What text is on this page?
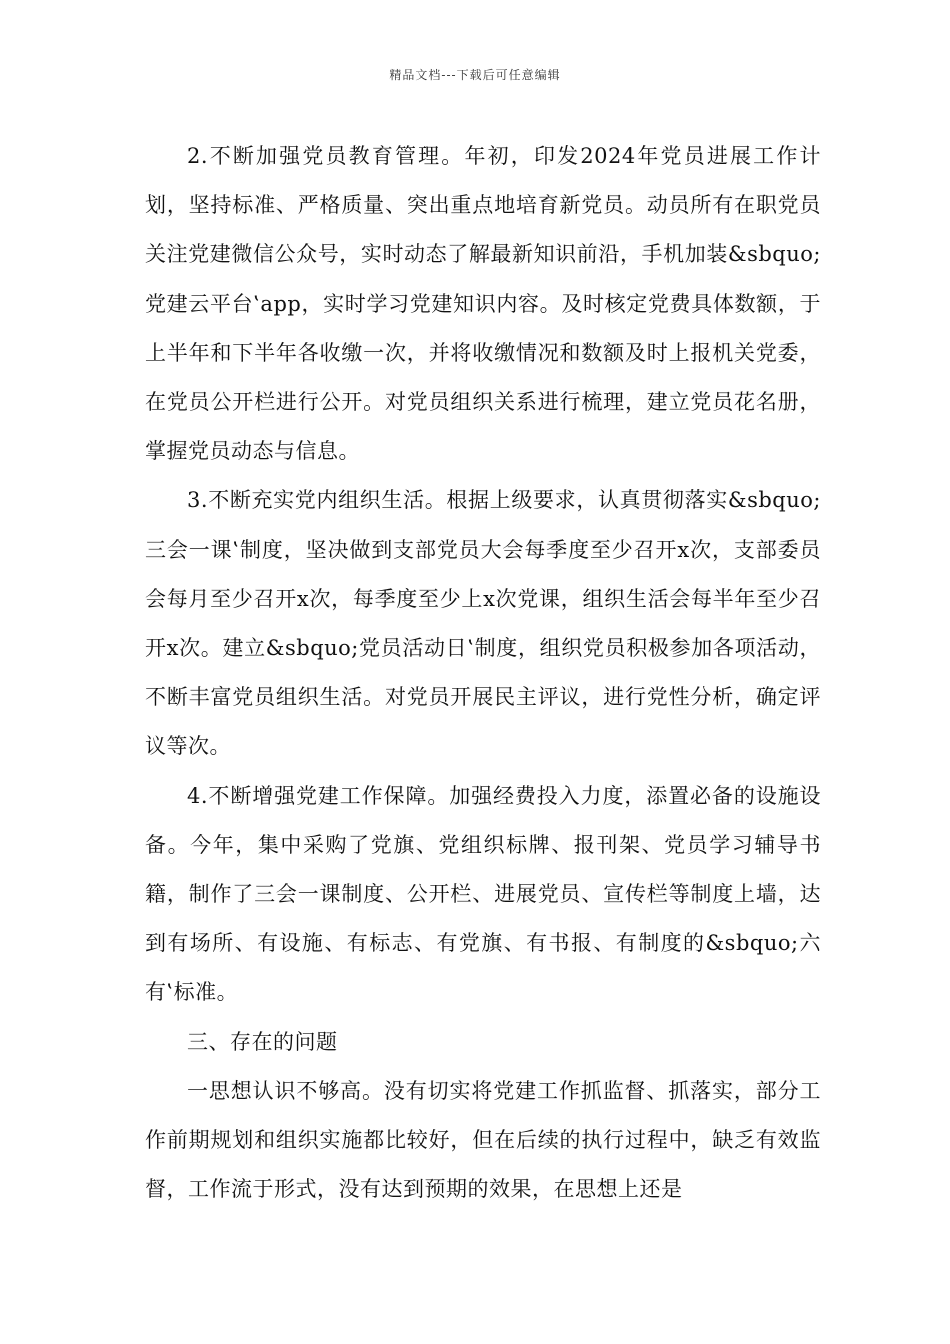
精品文档---下载后可任意编辑

2.不断加强党员教育管理。年初，印发2024年党员进展工作计划，坚持标准、严格质量、突出重点地培育新党员。动员所有在职党员关注党建微信公众号，实时动态了解最新知识前沿，手机加装&sbquo;党建云平台‛app，实时学习党建知识内容。及时核定党费具体数额，于上半年和下半年各收缴一次，并将收缴情况和数额及时上报机关党委，在党员公开栏进行公开。对党员组织关系进行梳理，建立党员花名册，掌握党员动态与信息。

3.不断充实党内组织生活。根据上级要求，认真贯彻落实&sbquo;三会一课‛制度，坚决做到支部党员大会每季度至少召开x次，支部委员会每月至少召开x次，每季度至少上x次党课，组织生活会每半年至少召开x次。建立&sbquo;党员活动日‛制度，组织党员积极参加各项活动，不断丰富党员组织生活。对党员开展民主评议，进行党性分析，确定评议等次。

4.不断增强党建工作保障。加强经费投入力度，添置必备的设施设备。今年，集中采购了党旗、党组织标牌、报刊架、党员学习辅导书籍，制作了三会一课制度、公开栏、进展党员、宣传栏等制度上墙，达到有场所、有设施、有标志、有党旗、有书报、有制度的&sbquo;六有‛标准。

三、存在的问题

一思想认识不够高。没有切实将党建工作抓监督、抓落实，部分工作前期规划和组织实施都比较好，但在后续的执行过程中，缺乏有效监督，工作流于形式，没有达到预期的效果，在思想上还是
